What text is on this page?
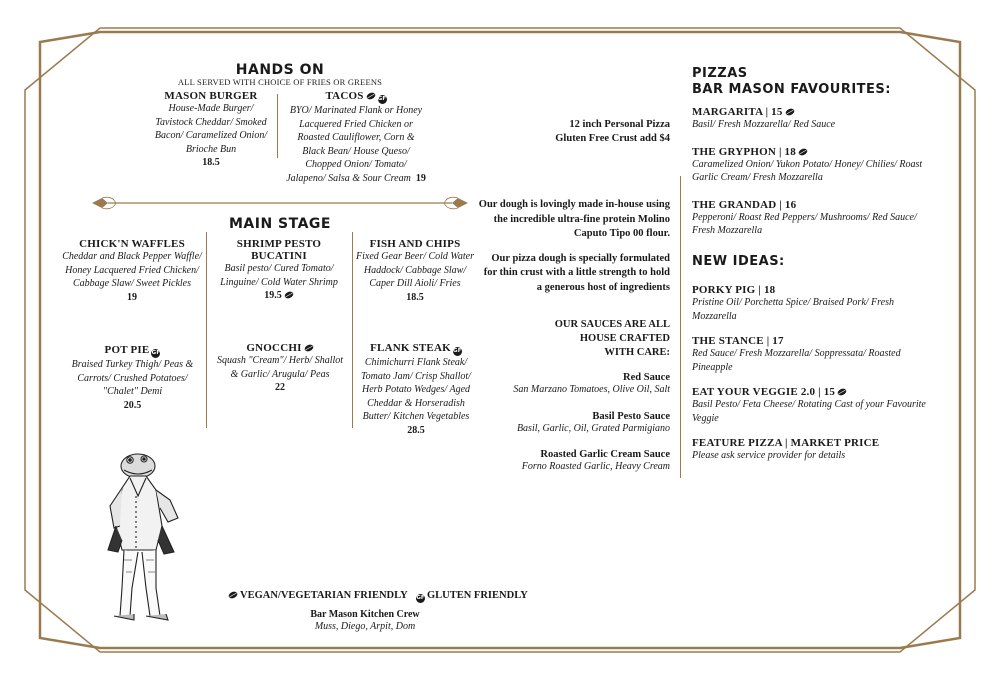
HANDS ON
ALL SERVED WITH CHOICE OF FRIES OR GREENS
MASON BURGER
House-Made Burger/ Tavistock Cheddar/ Smoked Bacon/ Caramelized Onion/ Brioche Bun
18.5
TACOS	GF
BYO/ Marinated Flank or Honey Lacquered Fried Chicken or Roasted Cauliflower, Corn & Black Bean/ House Queso/ Chopped Onion/ Tomato/ Jalapeno/ Salsa & Sour Cream 19
MAIN STAGE
CHICK'N WAFFLES
Cheddar and Black Pepper Waffle/ Honey Lacquered Fried Chicken/ Cabbage Slaw/ Sweet Pickles
19
SHRIMP PESTO BUCATINI
Basil pesto/ Cured Tomato/ Linguine/ Cold Water Shrimp
19.5
FISH AND CHIPS
Fixed Gear Beer/ Cold Water Haddock/ Cabbage Slaw/ Caper Dill Aioli/ Fries
18.5
POT PIE GF
Braised Turkey Thigh/ Peas & Carrots/ Crushed Potatoes/ "Chalet" Demi
20.5
GNOCCHI
Squash "Cream"/ Herb/ Shallot & Garlic/ Arugula/ Peas
22
FLANK STEAK GF
Chimichurri Flank Steak/ Tomato Jam/ Crisp Shallot/ Herb Potato Wedges/ Aged Cheddar & Horseradish Butter/ Kitchen Vegetables
28.5
VEGAN/VEGETARIAN FRIENDLY GF GLUTEN FRIENDLY
Bar Mason Kitchen Crew
Muss, Diego, Arpit, Dom
12 inch Personal Pizza
Gluten Free Crust add $4
Our dough is lovingly made in-house using the incredible ultra-fine protein Molino Caputo Tipo 00 flour.
Our pizza dough is specially formulated for thin crust with a little strength to hold a generous host of ingredients
OUR SAUCES ARE ALL HOUSE CRAFTED WITH CARE:
Red Sauce
San Marzano Tomatoes, Olive Oil, Salt
Basil Pesto Sauce
Basil, Garlic, Oil, Grated Parmigiano
Roasted Garlic Cream Sauce
Forno Roasted Garlic, Heavy Cream
PIZZAS
BAR MASON FAVOURITES:
MARGARITA | 15
Basil/ Fresh Mozzarella/ Red Sauce
THE GRYPHON | 18
Caramelized Onion/ Yukon Potato/ Honey/ Chilies/ Roast Garlic Cream/ Fresh Mozzarella
THE GRANDAD | 16
Pepperoni/ Roast Red Peppers/ Mushrooms/ Red Sauce/ Fresh Mozzarella
NEW IDEAS:
PORKY PIG | 18
Pristine Oil/ Porchetta Spice/ Braised Pork/ Fresh Mozzarella
THE STANCE | 17
Red Sauce/ Fresh Mozzarella/ Soppressata/ Roasted Pineapple
EAT YOUR VEGGIE 2.0 | 15
Basil Pesto/ Feta Cheese/ Rotating Cast of your Favourite Veggie
FEATURE PIZZA | MARKET PRICE
Please ask service provider for details
